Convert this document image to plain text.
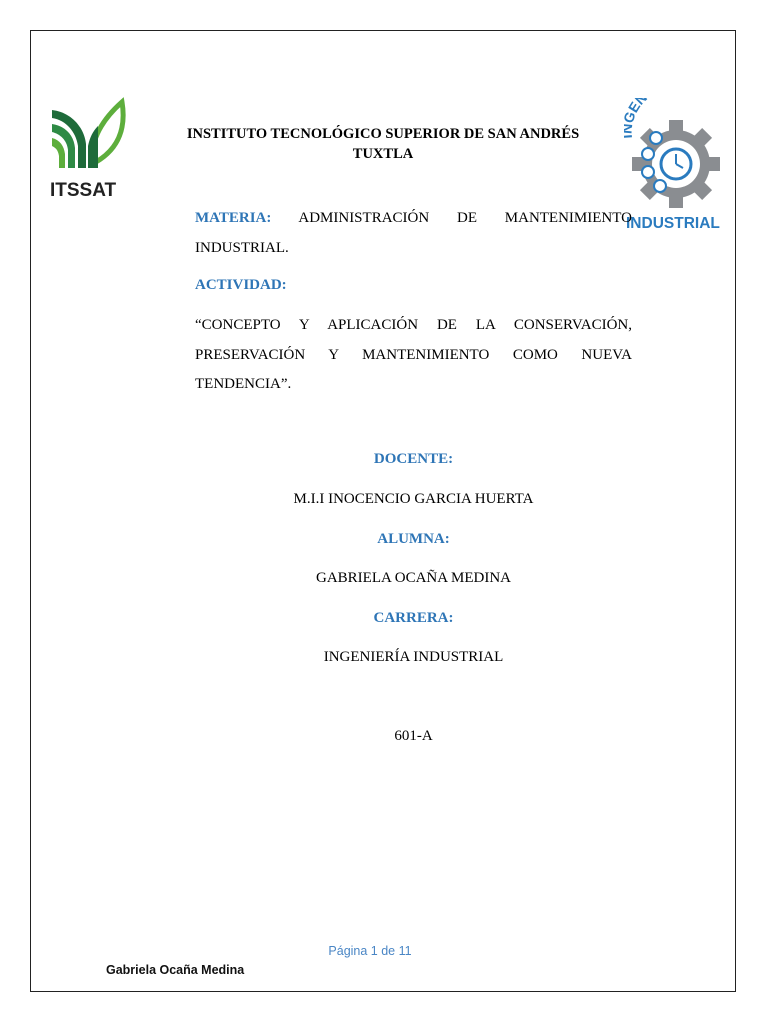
ITSSAT
INSTITUTO TECNOLÓGICO SUPERIOR DE SAN ANDRÉS TUXTLA
EN
INDUSTRIAL
MATERIA: ADMINISTRACIÓN DE MANTENIMIENTO INDUSTRIAL.
ACTIVIDAD:
“CONCEPTO Y APLICACIÓN DE LA CONSERVACIÓN, PRESERVACIÓN Y MANTENIMIENTO COMO NUEVA TENDENCIA”.
DOCENTE:
M.I.I INOCENCIO GARCIA HUERTA
ALUMNA:
GABRIELA OCAÑA MEDINA
CARRERA:
INGENIERÍA INDUSTRIAL
601-A
Página 1 de 11
Gabriela Ocaña Medina
